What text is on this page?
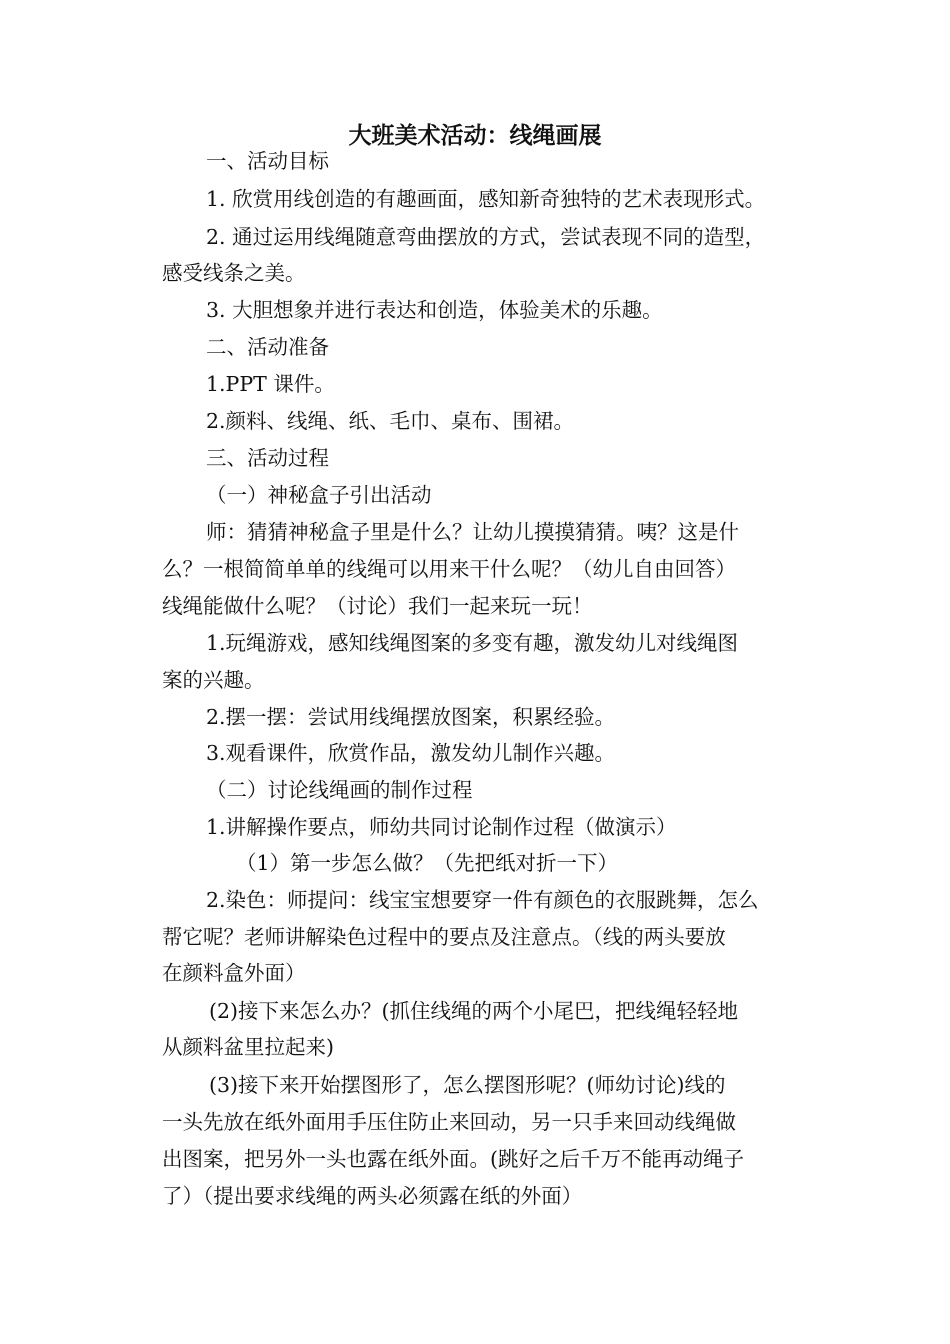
大班美术活动：线绳画展
一、活动目标
1. 欣赏用线创造的有趣画面，感知新奇独特的艺术表现形式。
2. 通过运用线绳随意弯曲摆放的方式，尝试表现不同的造型，
感受线条之美。
3. 大胆想象并进行表达和创造，体验美术的乐趣。
二、活动准备
1.PPT 课件。
2.颜料、线绳、纸、毛巾、桌布、围裙。
三、活动过程
（一）神秘盒子引出活动
师：猜猜神秘盒子里是什么？让幼儿摸摸猜猜。咦？这是什
么？一根简简单单的线绳可以用来干什么呢？（幼儿自由回答）
线绳能做什么呢？（讨论）我们一起来玩一玩！
1.玩绳游戏，感知线绳图案的多变有趣，激发幼儿对线绳图
案的兴趣。
2.摆一摆：尝试用线绳摆放图案，积累经验。
3.观看课件，欣赏作品，激发幼儿制作兴趣。
（二）讨论线绳画的制作过程
1.讲解操作要点，师幼共同讨论制作过程（做演示）
（1）第一步怎么做？（先把纸对折一下）
2.染色：师提问：线宝宝想要穿一件有颜色的衣服跳舞，怎么
帮它呢？老师讲解染色过程中的要点及注意点。（线的两头要放
在颜料盒外面）
(2)接下来怎么办？(抓住线绳的两个小尾巴，把线绳轻轻地
从颜料盆里拉起来)
(3)接下来开始摆图形了，怎么摆图形呢？(师幼讨论)线的
一头先放在纸外面用手压住防止来回动，另一只手来回动线绳做
出图案，把另外一头也露在纸外面。(跳好之后千万不能再动绳子
了）（提出要求线绳的两头必须露在纸的外面）
